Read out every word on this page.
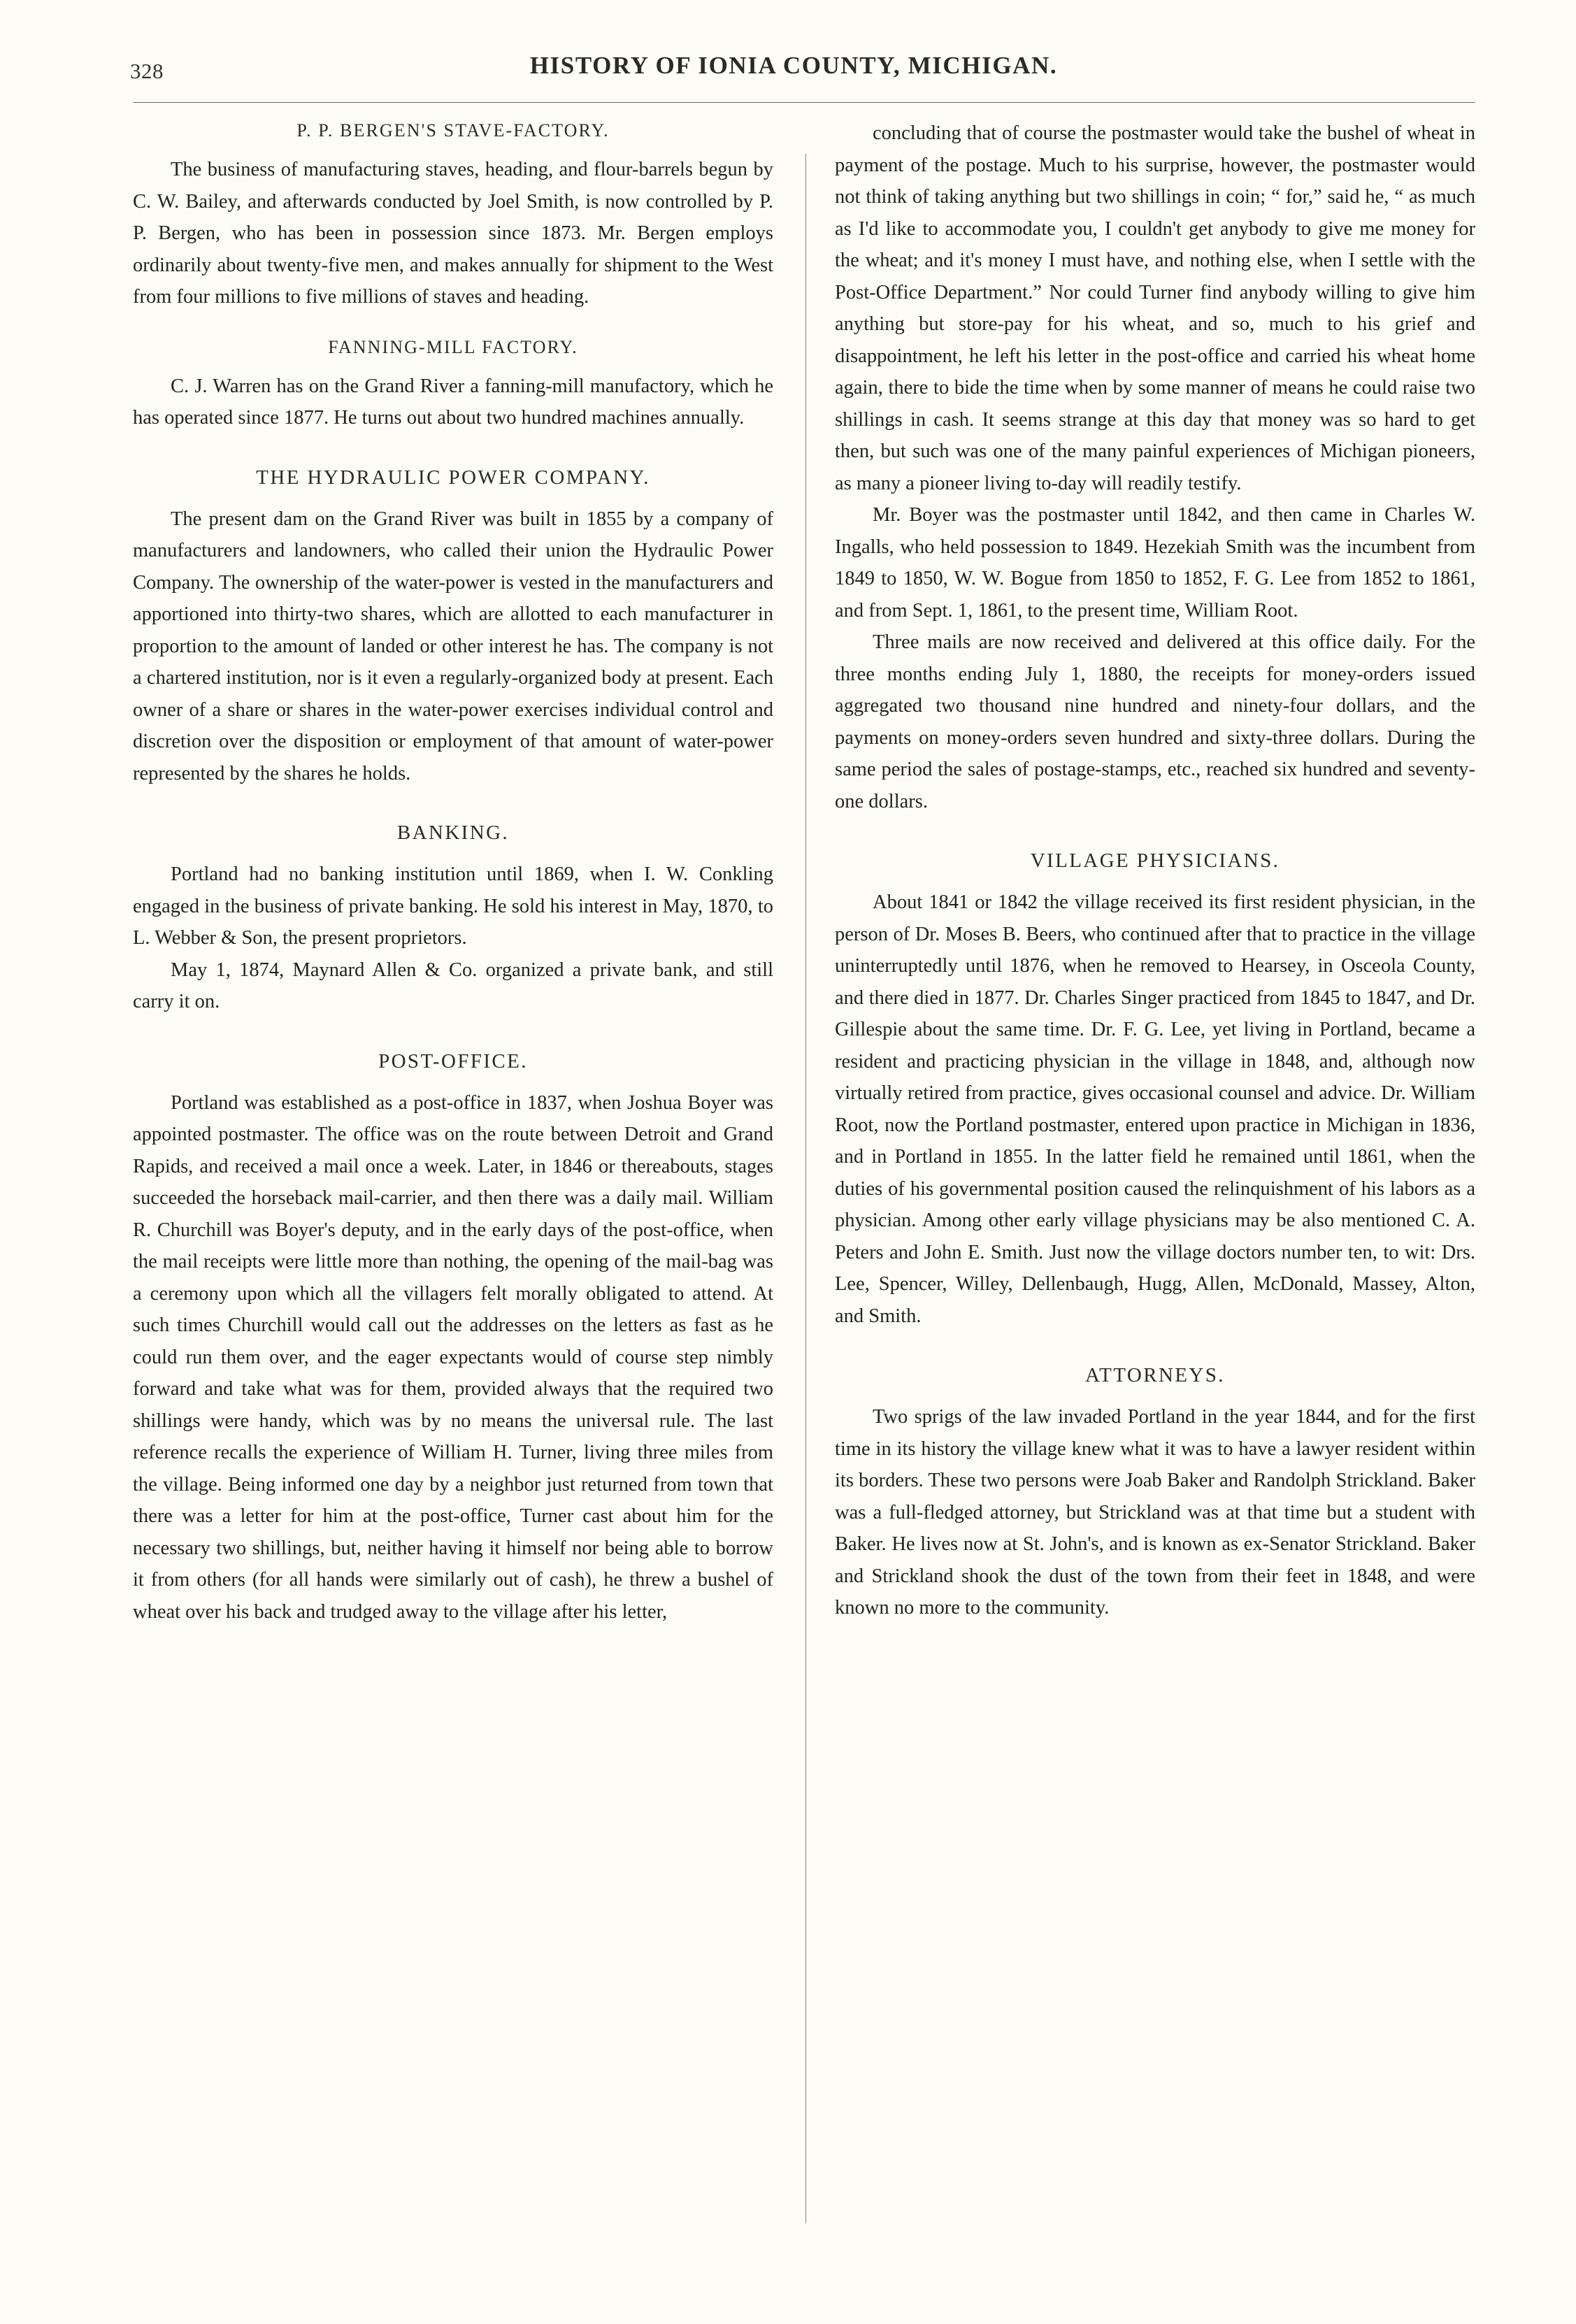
328	HISTORY OF IONIA COUNTY, MICHIGAN.
P. P. BERGEN'S STAVE-FACTORY.

The business of manufacturing staves, heading, and flour-barrels begun by C. W. Bailey, and afterwards conducted by Joel Smith, is now controlled by P. P. Bergen, who has been in possession since 1873. Mr. Bergen employs ordinarily about twenty-five men, and makes annually for shipment to the West from four millions to five millions of staves and heading.

FANNING-MILL FACTORY.

C. J. Warren has on the Grand River a fanning-mill manufactory, which he has operated since 1877. He turns out about two hundred machines annually.

THE HYDRAULIC POWER COMPANY.

The present dam on the Grand River was built in 1855 by a company of manufacturers and landowners, who called their union the Hydraulic Power Company. The ownership of the water-power is vested in the manufacturers and apportioned into thirty-two shares, which are allotted to each manufacturer in proportion to the amount of landed or other interest he has. The company is not a chartered institution, nor is it even a regularly-organized body at present. Each owner of a share or shares in the water-power exercises individual control and discretion over the disposition or employment of that amount of water-power represented by the shares he holds.

BANKING.

Portland had no banking institution until 1869, when I. W. Conkling engaged in the business of private banking. He sold his interest in May, 1870, to L. Webber & Son, the present proprietors.

May 1, 1874, Maynard Allen & Co. organized a private bank, and still carry it on.

POST-OFFICE.

Portland was established as a post-office in 1837, when Joshua Boyer was appointed postmaster. The office was on the route between Detroit and Grand Rapids, and received a mail once a week. Later, in 1846 or thereabouts, stages succeeded the horseback mail-carrier, and then there was a daily mail. William R. Churchill was Boyer's deputy, and in the early days of the post-office, when the mail receipts were little more than nothing, the opening of the mail-bag was a ceremony upon which all the villagers felt morally obligated to attend. At such times Churchill would call out the addresses on the letters as fast as he could run them over, and the eager expectants would of course step nimbly forward and take what was for them, provided always that the required two shillings were handy, which was by no means the universal rule. The last reference recalls the experience of William H. Turner, living three miles from the village. Being informed one day by a neighbor just returned from town that there was a letter for him at the post-office, Turner cast about him for the necessary two shillings, but, neither having it himself nor being able to borrow it from others (for all hands were similarly out of cash), he threw a bushel of wheat over his back and trudged away to the village after his letter,

concluding that of course the postmaster would take the bushel of wheat in payment of the postage. Much to his surprise, however, the postmaster would not think of taking anything but two shillings in coin; “ for,” said he, “ as much as I'd like to accommodate you, I couldn't get anybody to give me money for the wheat; and it's money I must have, and nothing else, when I settle with the Post-Office Department.” Nor could Turner find anybody willing to give him anything but store-pay for his wheat, and so, much to his grief and disappointment, he left his letter in the post-office and carried his wheat home again, there to bide the time when by some manner of means he could raise two shillings in cash. It seems strange at this day that money was so hard to get then, but such was one of the many painful experiences of Michigan pioneers, as many a pioneer living to-day will readily testify.

Mr. Boyer was the postmaster until 1842, and then came in Charles W. Ingalls, who held possession to 1849. Hezekiah Smith was the incumbent from 1849 to 1850, W. W. Bogue from 1850 to 1852, F. G. Lee from 1852 to 1861, and from Sept. 1, 1861, to the present time, William Root.

Three mails are now received and delivered at this office daily. For the three months ending July 1, 1880, the receipts for money-orders issued aggregated two thousand nine hundred and ninety-four dollars, and the payments on money-orders seven hundred and sixty-three dollars. During the same period the sales of postage-stamps, etc., reached six hundred and seventy-one dollars.

VILLAGE PHYSICIANS.

About 1841 or 1842 the village received its first resident physician, in the person of Dr. Moses B. Beers, who continued after that to practice in the village uninterruptedly until 1876, when he removed to Hearsey, in Osceola County, and there died in 1877. Dr. Charles Singer practiced from 1845 to 1847, and Dr. Gillespie about the same time. Dr. F. G. Lee, yet living in Portland, became a resident and practicing physician in the village in 1848, and, although now virtually retired from practice, gives occasional counsel and advice. Dr. William Root, now the Portland postmaster, entered upon practice in Michigan in 1836, and in Portland in 1855. In the latter field he remained until 1861, when the duties of his governmental position caused the relinquishment of his labors as a physician. Among other early village physicians may be also mentioned C. A. Peters and John E. Smith. Just now the village doctors number ten, to wit: Drs. Lee, Spencer, Willey, Dellenbaugh, Hugg, Allen, McDonald, Massey, Alton, and Smith.

ATTORNEYS.

Two sprigs of the law invaded Portland in the year 1844, and for the first time in its history the village knew what it was to have a lawyer resident within its borders. These two persons were Joab Baker and Randolph Strickland. Baker was a full-fledged attorney, but Strickland was at that time but a student with Baker. He lives now at St. John's, and is known as ex-Senator Strickland. Baker and Strickland shook the dust of the town from their feet in 1848, and were known no more to the community.
